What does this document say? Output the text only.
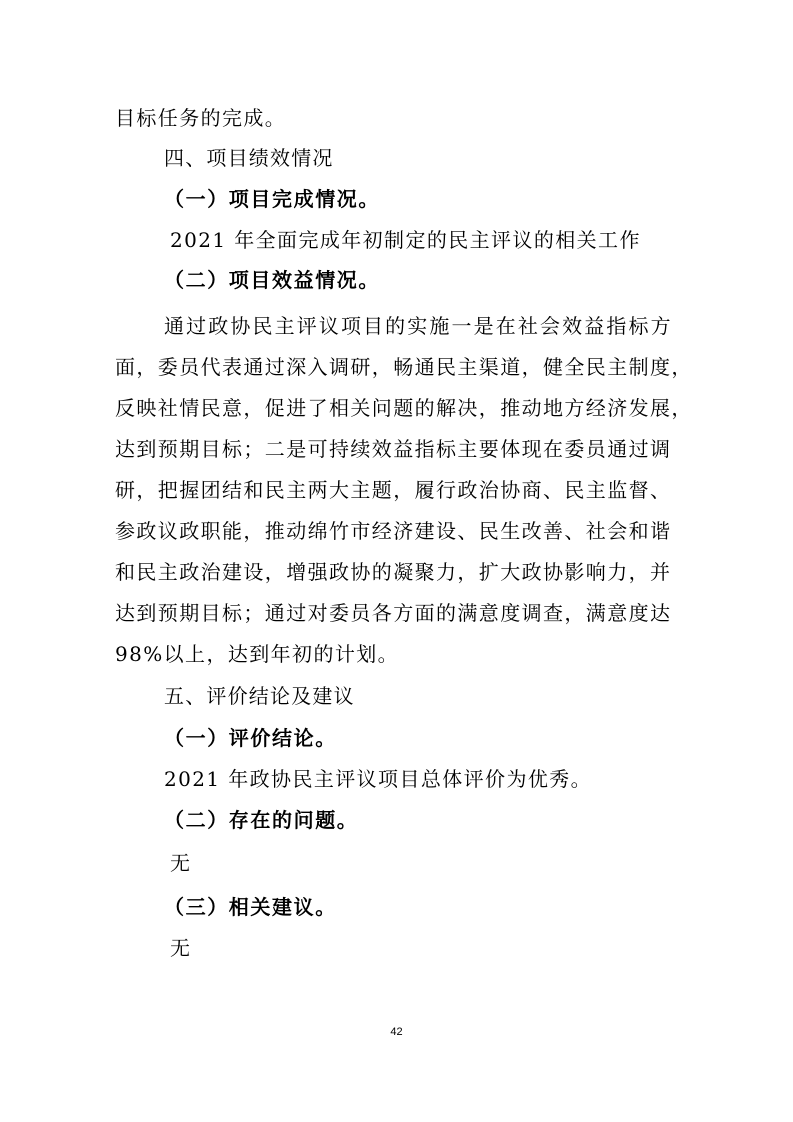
目标任务的完成。
四、项目绩效情况
（一）项目完成情况。
2021 年全面完成年初制定的民主评议的相关工作
（二）项目效益情况。
通过政协民主评议项目的实施一是在社会效益指标方
面，委员代表通过深入调研，畅通民主渠道，健全民主制度，
反映社情民意，促进了相关问题的解决，推动地方经济发展，
达到预期目标；二是可持续效益指标主要体现在委员通过调
研，把握团结和民主两大主题，履行政治协商、民主监督、
参政议政职能，推动绵竹市经济建设、民生改善、社会和谐
和民主政治建设，增强政协的凝聚力，扩大政协影响力，并
达到预期目标；通过对委员各方面的满意度调查，满意度达
98%以上，达到年初的计划。
五、评价结论及建议
（一）评价结论。
2021 年政协民主评议项目总体评价为优秀。
（二）存在的问题。
无
（三）相关建议。
无
42
